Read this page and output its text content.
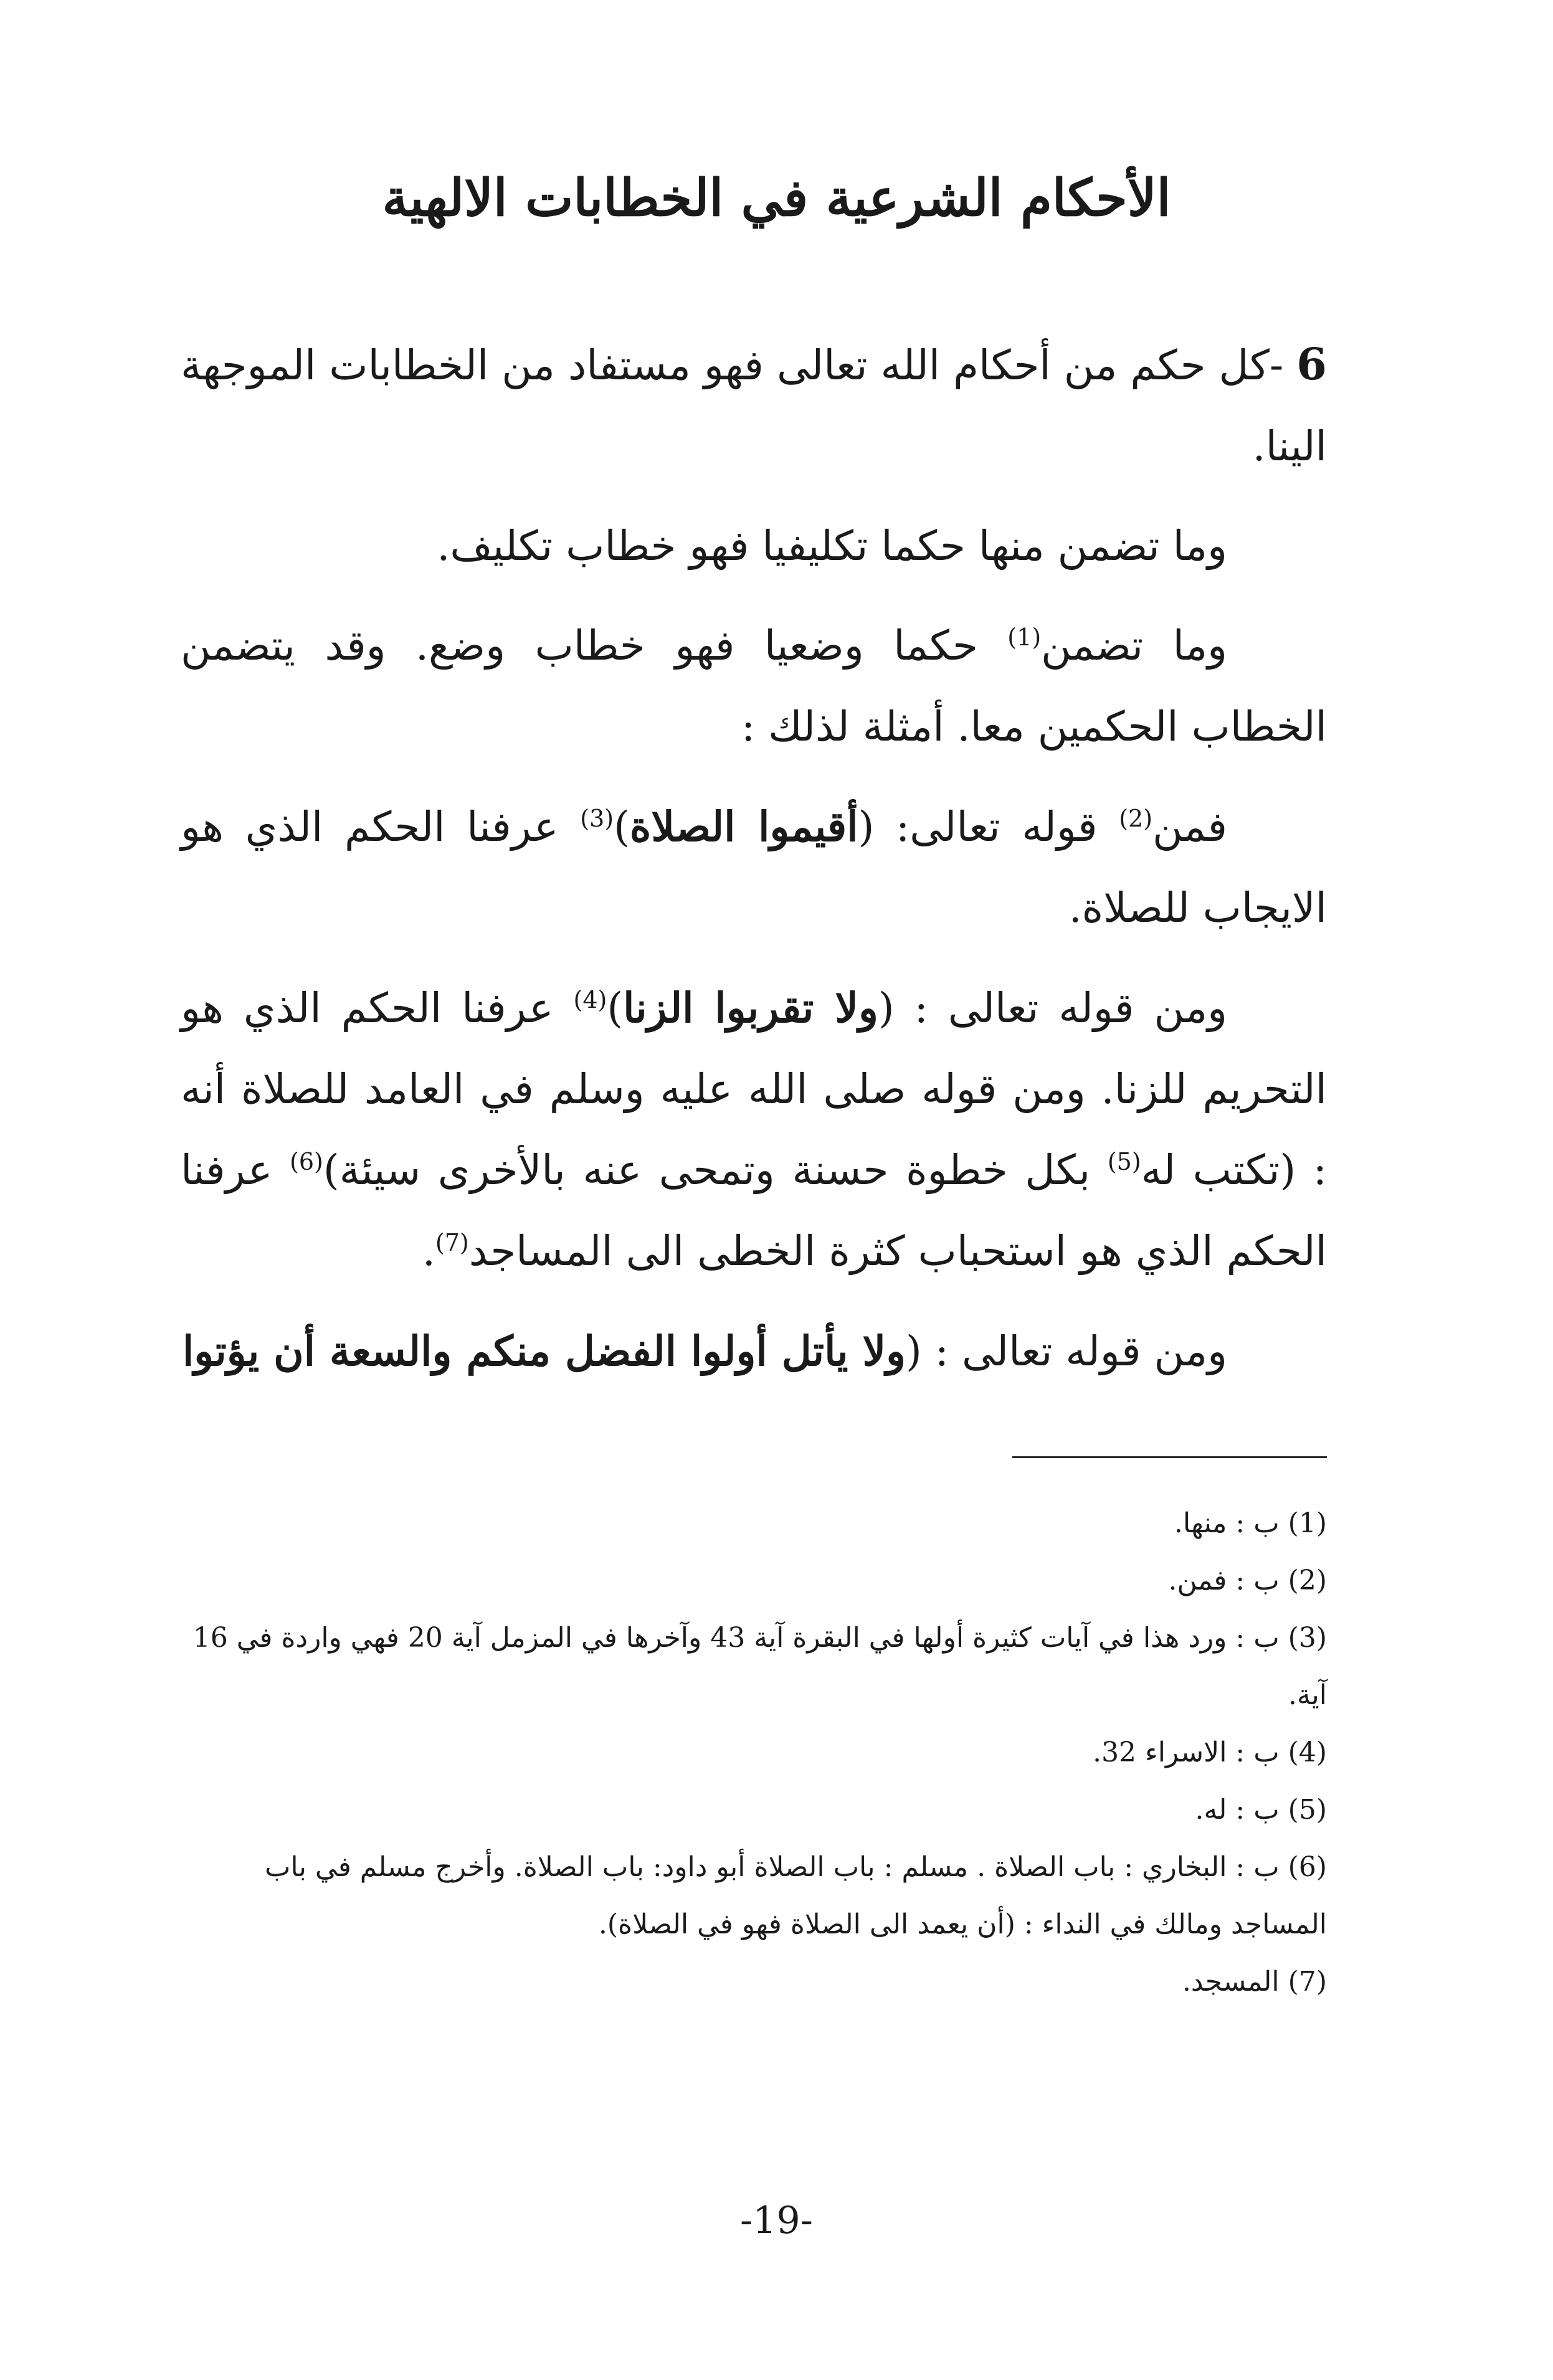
الأحكام الشرعية في الخطابات الالهية

6 -كل حكم من أحكام الله تعالى فهو مستفاد من الخطابات الموجهة الينا.

وما تضمن منها حكما تكليفيا فهو خطاب تكليف.

وما تضمن$^{(1)}$ حكما وضعيا فهو خطاب وضع. وقد يتضمن الخطاب الحكمين معا. أمثلة لذلك :

فمن$^{(2)}$ قوله تعالى: (أقيموا الصلاة)$^{(3)}$ عرفنا الحكم الذي هو الايجاب للصلاة.

ومن قوله تعالى : (ولا تقربوا الزنا)$^{(4)}$ عرفنا الحكم الذي هو التحريم للزنا. ومن قوله صلى الله عليه وسلم في العامد للصلاة أنه : (تكتب له$^{(5)}$ بكل خطوة حسنة وتمحى عنه بالأخرى سيئة)$^{(6)}$ عرفنا الحكم الذي هو استحباب كثرة الخطى الى المساجد$^{(7)}$.

ومن قوله تعالى : (ولا يأتل أولوا الفضل منكم والسعة أن يؤتوا

(1) ب : منها.

(2) ب : فمن.

(3) ب : ورد هذا في آيات كثيرة أولها في البقرة آية 43 وآخرها في المزمل آية 20 فهي واردة في 16 آية.

(4) ب : الاسراء 32.

(5) ب : له.

(6) ب : البخاري : باب الصلاة . مسلم : باب الصلاة أبو داود: باب الصلاة. وأخرج مسلم في باب المساجد ومالك في النداء : (أن يعمد الى الصلاة فهو في الصلاة).

(7) المسجد.

-19-
